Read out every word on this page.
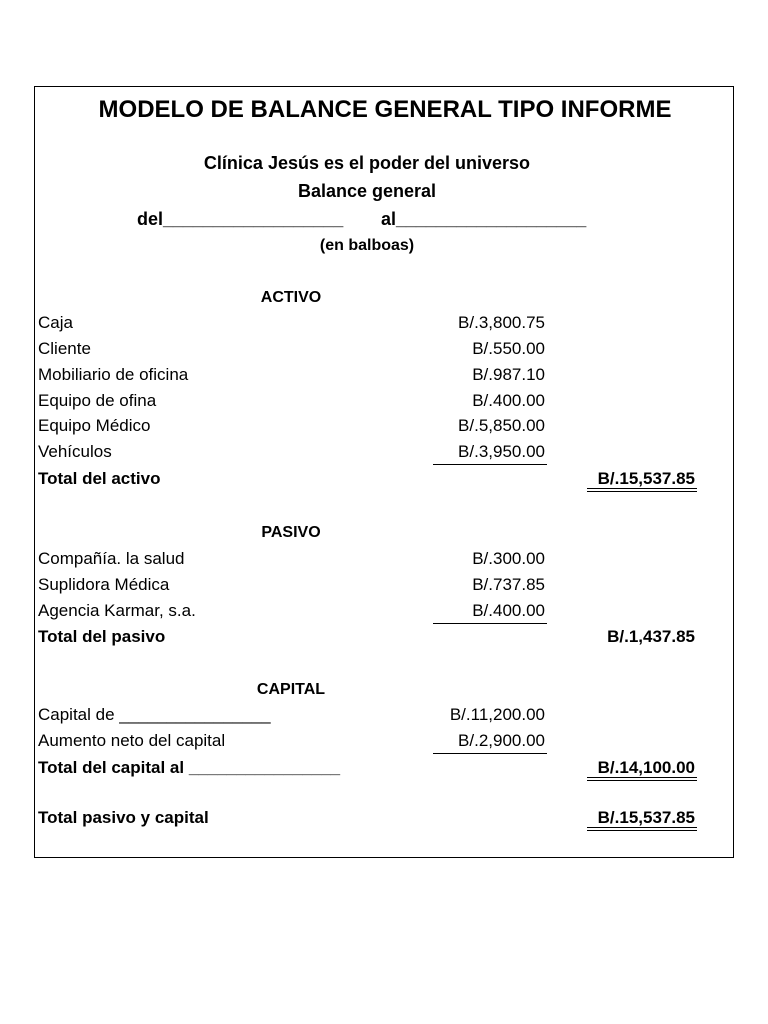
MODELO DE BALANCE GENERAL TIPO INFORME
Clínica Jesús es el poder del universo
Balance general
del__________________ al___________________
(en balboas)
ACTIVO
Caja	B/.3,800.75
Cliente	B/.550.00
Mobiliario de oficina	B/.987.10
Equipo de ofina	B/.400.00
Equipo Médico	B/.5,850.00
Vehículos	B/.3,950.00
Total del activo	B/.15,537.85
PASIVO
Compañía. la salud	B/.300.00
Suplidora Médica	B/.737.85
Agencia Karmar, s.a.	B/.400.00
Total del pasivo	B/.1,437.85
CAPITAL
Capital de ________________	B/.11,200.00
Aumento neto del capital	B/.2,900.00
Total del capital al ________________	B/.14,100.00
Total pasivo y capital	B/.15,537.85
